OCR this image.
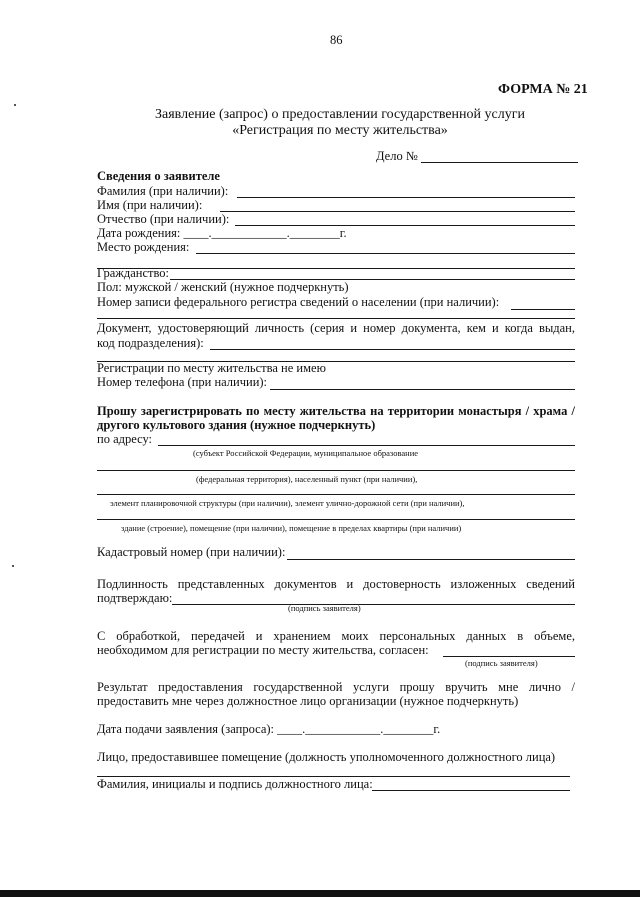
86
ФОРМА № 21
Заявление (запрос) о предоставлении государственной услуги
«Регистрация по месту жительства»
Дело №
Сведения о заявителе
Фамилия (при наличии):
Имя (при наличии):
Отчество (при наличии):
Дата рождения: ____.____________.________г.
Место рождения:
Гражданство:
Пол: мужской / женский (нужное подчеркнуть)
Номер записи федерального регистра сведений о населении (при наличии):
Документ, удостоверяющий личность (серия и номер документа, кем и когда выдан,
код подразделения):
Регистрации по месту жительства не имею
Номер телефона (при наличии):
Прошу зарегистрировать по месту жительства на территории монастыря / храма /
другого культового здания (нужное подчеркнуть)
по адресу:
(субъект Российской Федерации, муниципальное образование
(федеральная территория), населенный пункт (при наличии),
элемент планировочной структуры (при наличии), элемент улично-дорожной сети (при наличии),
здание (строение), помещение (при наличии), помещение в пределах квартиры (при наличии)
Кадастровый номер (при наличии):
Подлинность представленных документов и достоверность изложенных сведений
подтверждаю:
(подпись заявителя)
С обработкой, передачей и хранением моих персональных данных в объеме,
необходимом для регистрации по месту жительства, согласен:
(подпись заявителя)
Результат предоставления государственной услуги прошу вручить мне лично /
предоставить мне через должностное лицо организации (нужное подчеркнуть)
Дата подачи заявления (запроса): ____.____________.________г.
Лицо, предоставившее помещение (должность уполномоченного должностного лица)
Фамилия, инициалы и подпись должностного лица:
